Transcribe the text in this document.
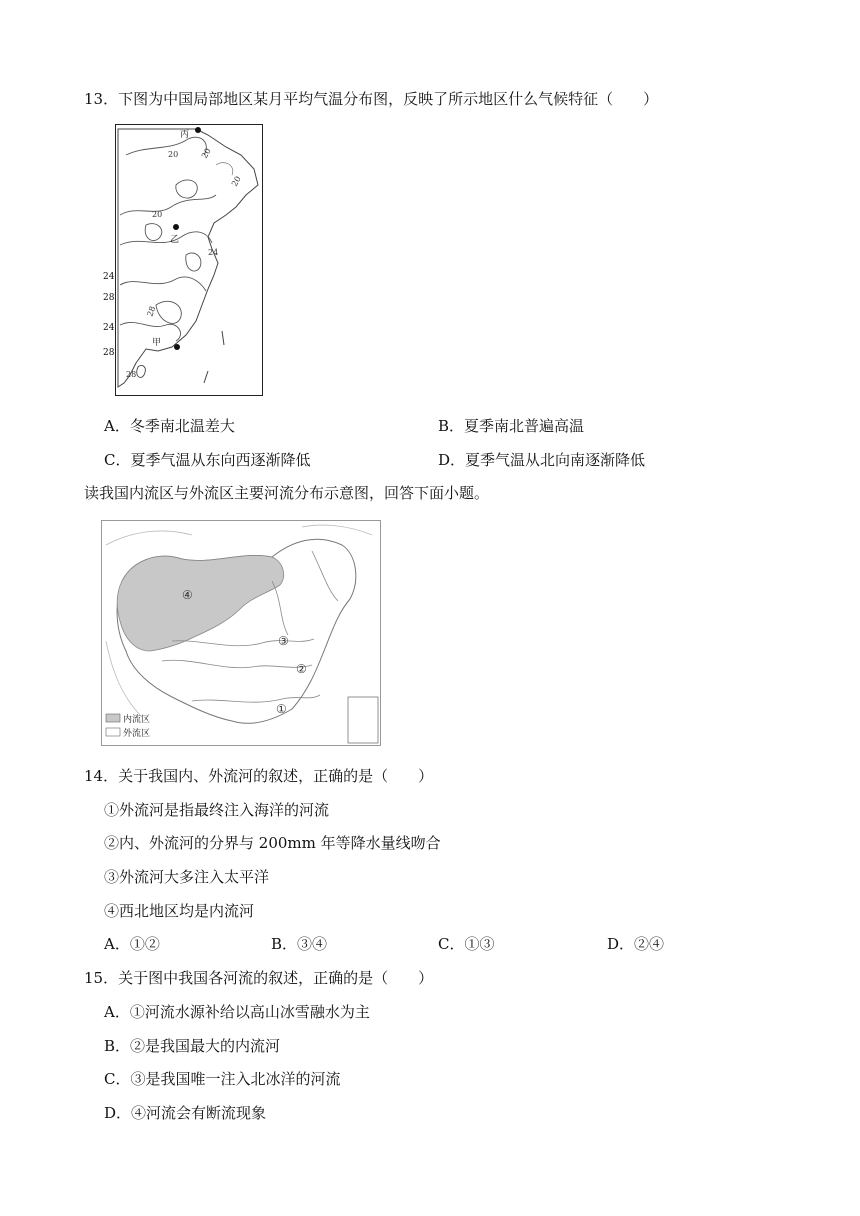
13．下图为中国局部地区某月平均气温分布图，反映了所示地区什么气候特征（　　）
丙
乙
甲
20	20
20
20
24
28
28
24
28
24
28
A．冬季南北温差大	B．夏季南北普遍高温
C．夏季气温从东向西逐渐降低	D．夏季气温从北向南逐渐降低
读我国内流区与外流区主要河流分布示意图，回答下面小题。
④
③
②
①
内流区
外流区
14．关于我国内、外流河的叙述，正确的是（　　）
①外流河是指最终注入海洋的河流
②内、外流河的分界与 200mm 年等降水量线吻合
③外流河大多注入太平洋
④西北地区均是内流河
A．①②	B．③④	C．①③	D．②④
15．关于图中我国各河流的叙述，正确的是（　　）
A．①河流水源补给以高山冰雪融水为主
B．②是我国最大的内流河
C．③是我国唯一注入北冰洋的河流
D．④河流会有断流现象
